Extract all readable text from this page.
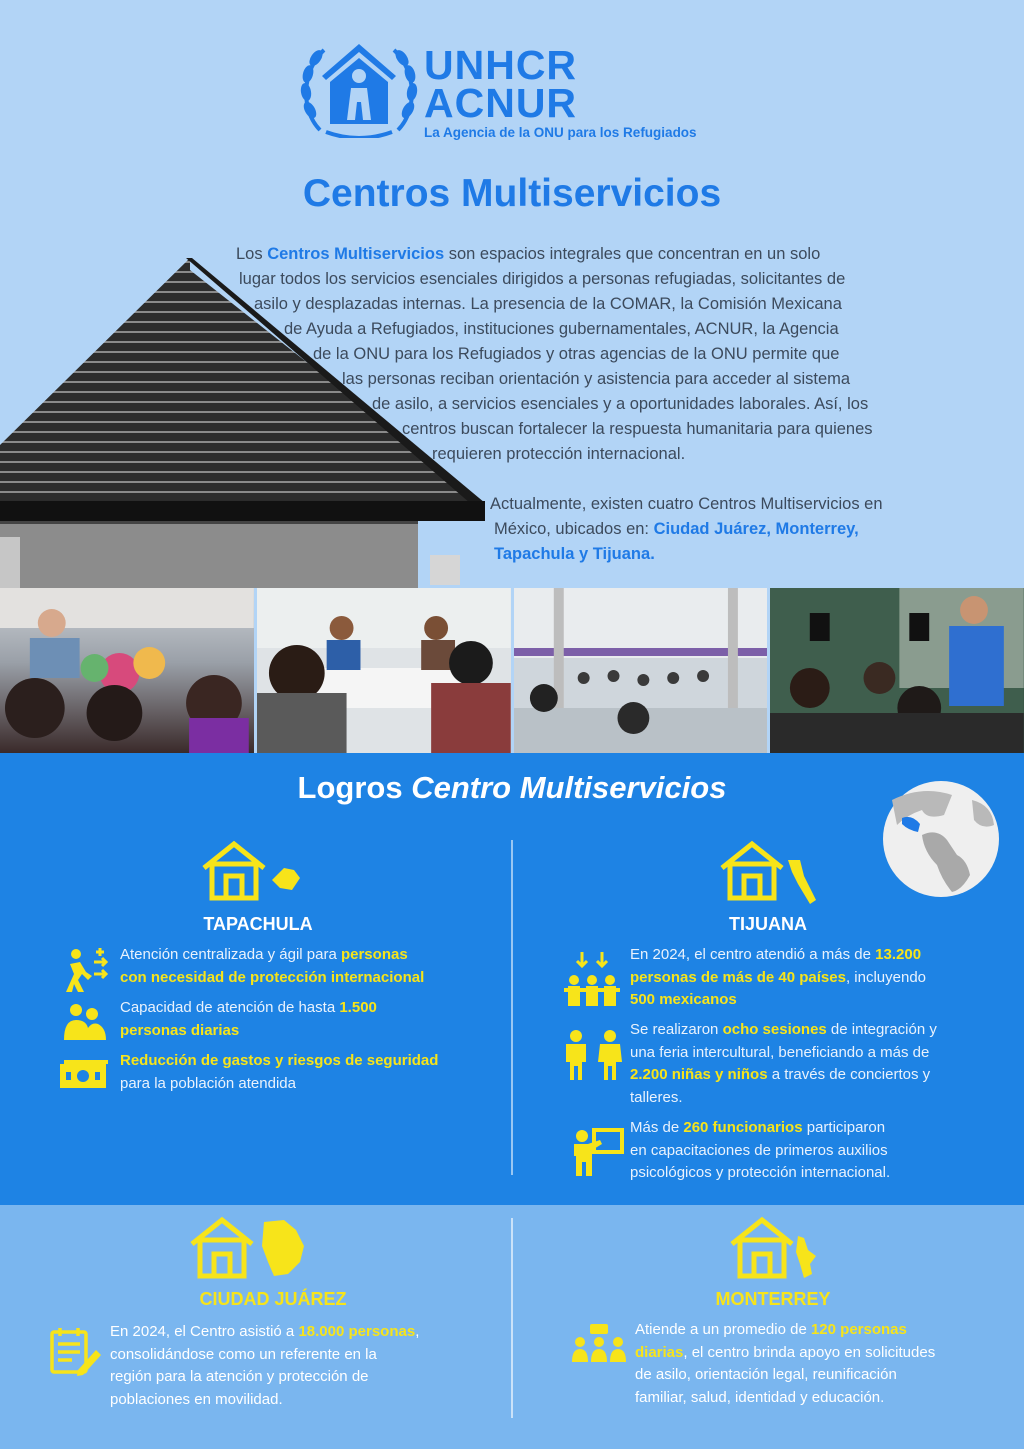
UNHCR
ACNUR
La Agencia de la ONU para los Refugiados
Centros Multiservicios
Los Centros Multiservicios son espacios integrales que concentran en un solo
lugar todos los servicios esenciales dirigidos a personas refugiadas, solicitantes de
asilo y desplazadas internas. La presencia de la COMAR, la Comisión Mexicana
de Ayuda a Refugiados, instituciones gubernamentales, ACNUR, la Agencia
de la ONU para los Refugiados y otras agencias de la ONU permite que
las personas reciban orientación y asistencia para acceder al sistema
de asilo, a servicios esenciales y a oportunidades laborales. Así, los
centros buscan fortalecer la respuesta humanitaria para quienes
requieren protección internacional.
Actualmente, existen cuatro Centros Multiservicios en
México, ubicados en: Ciudad Juárez, Monterrey,
Tapachula y Tijuana.
Logros Centro Multiservicios
TAPACHULA
Atención centralizada y ágil para personas
con necesidad de protección internacional
Capacidad de atención de hasta 1.500
personas diarias
Reducción de gastos y riesgos de seguridad
para la población atendida
TIJUANA
En 2024, el centro atendió a más de 13.200
personas de más de 40 países, incluyendo
500 mexicanos
Se realizaron ocho sesiones de integración y
una feria intercultural, beneficiando a más de
2.200 niñas y niños a través de conciertos y
talleres.
Más de 260 funcionarios participaron
en capacitaciones de primeros auxilios
psicológicos y protección internacional.
CIUDAD JUÁREZ
En 2024, el Centro asistió a 18.000 personas,
consolidándose como un referente en la
región para la atención y protección de
poblaciones en movilidad.
MONTERREY
Atiende a un promedio de 120 personas
diarias, el centro brinda apoyo en solicitudes
de asilo, orientación legal, reunificación
familiar, salud, identidad y educación.
